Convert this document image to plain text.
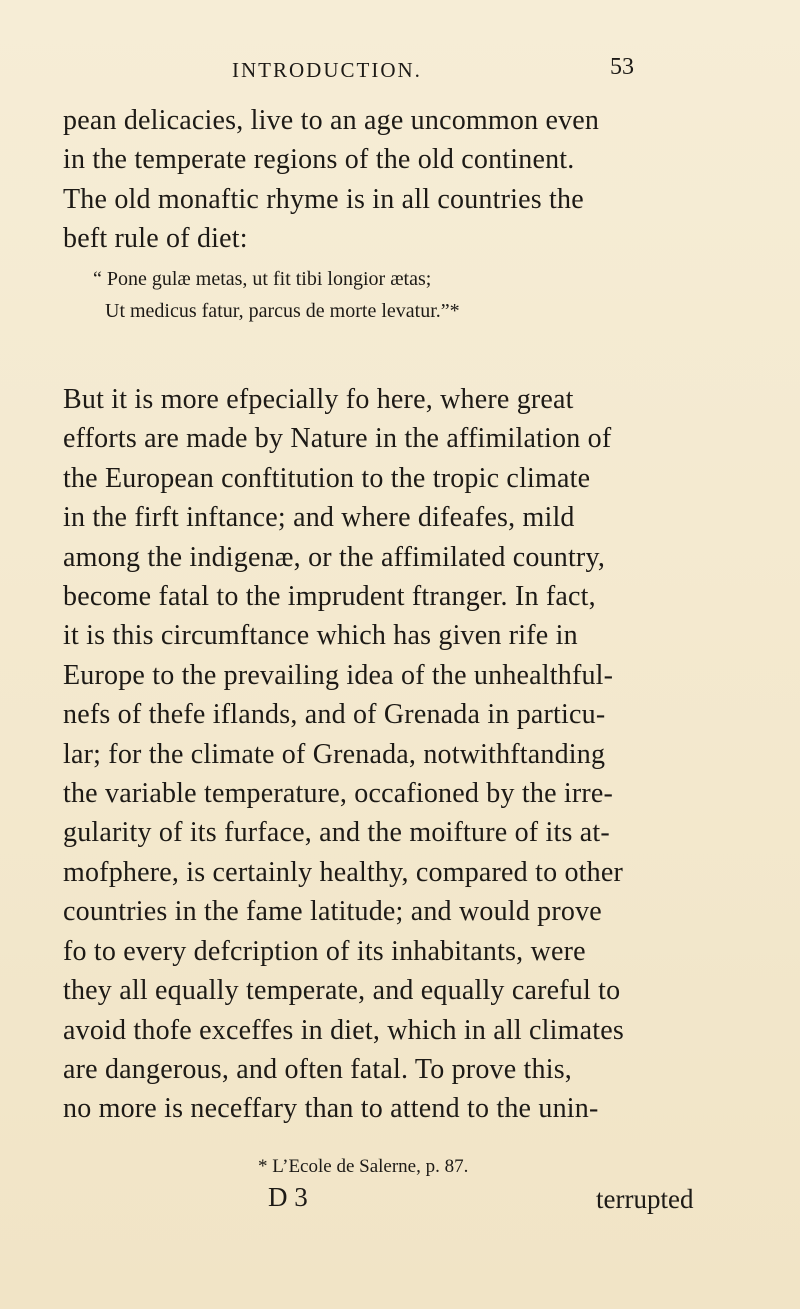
INTRODUCTION.	53
pean delicacies, live to an age uncommon even
in the temperate regions of the old continent.
The old monaftic rhyme is in all countries the
beft rule of diet:
“ Pone gulæ metas, ut fit tibi longior ætas;
Ut medicus fatur, parcus de morte levatur.”*
But it is more efpecially fo here, where great
efforts are made by Nature in the affimilation of
the European conftitution to the tropic climate
in the firft inftance; and where difeafes, mild
among the indigenæ, or the affimilated country,
become fatal to the imprudent ftranger. In fact,
it is this circumftance which has given rife in
Europe to the prevailing idea of the unhealthful-
nefs of thefe iflands, and of Grenada in particu-
lar; for the climate of Grenada, notwithftanding
the variable temperature, occafioned by the irre-
gularity of its furface, and the moifture of its at-
mofphere, is certainly healthy, compared to other
countries in the fame latitude; and would prove
fo to every defcription of its inhabitants, were
they all equally temperate, and equally careful to
avoid thofe exceffes in diet, which in all climates
are dangerous, and often fatal. To prove this,
no more is neceffary than to attend to the unin-
* L’Ecole de Salerne, p. 87.
D 3	terrupted
